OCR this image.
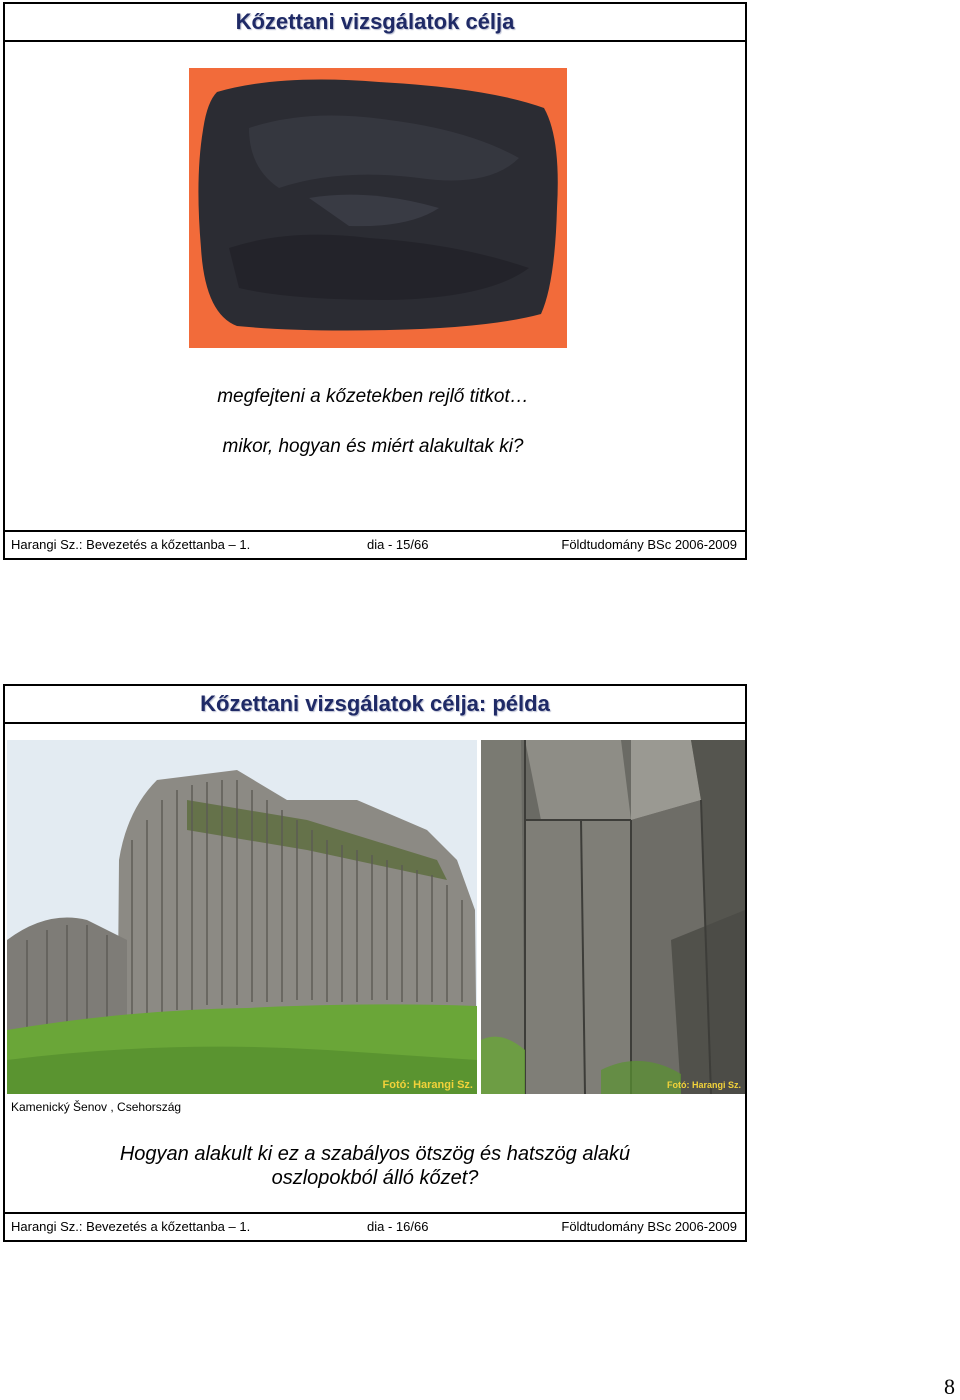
Kőzettani vizsgálatok célja
megfejteni a kőzetekben rejlő titkot…
mikor, hogyan és miért alakultak ki?
Harangi Sz.: Bevezetés a kőzettanba – 1.	dia - 15/66	Földtudomány BSc 2006-2009
Kőzettani vizsgálatok célja: példa
Fotó: Harangi Sz.	Fotó: Harangi Sz.
Kamenický Šenov , Csehország
Hogyan alakult ki ez a szabályos ötszög és hatszög alakú
oszlopokból álló kőzet?
Harangi Sz.: Bevezetés a kőzettanba – 1.	dia - 16/66	Földtudomány BSc 2006-2009
8
